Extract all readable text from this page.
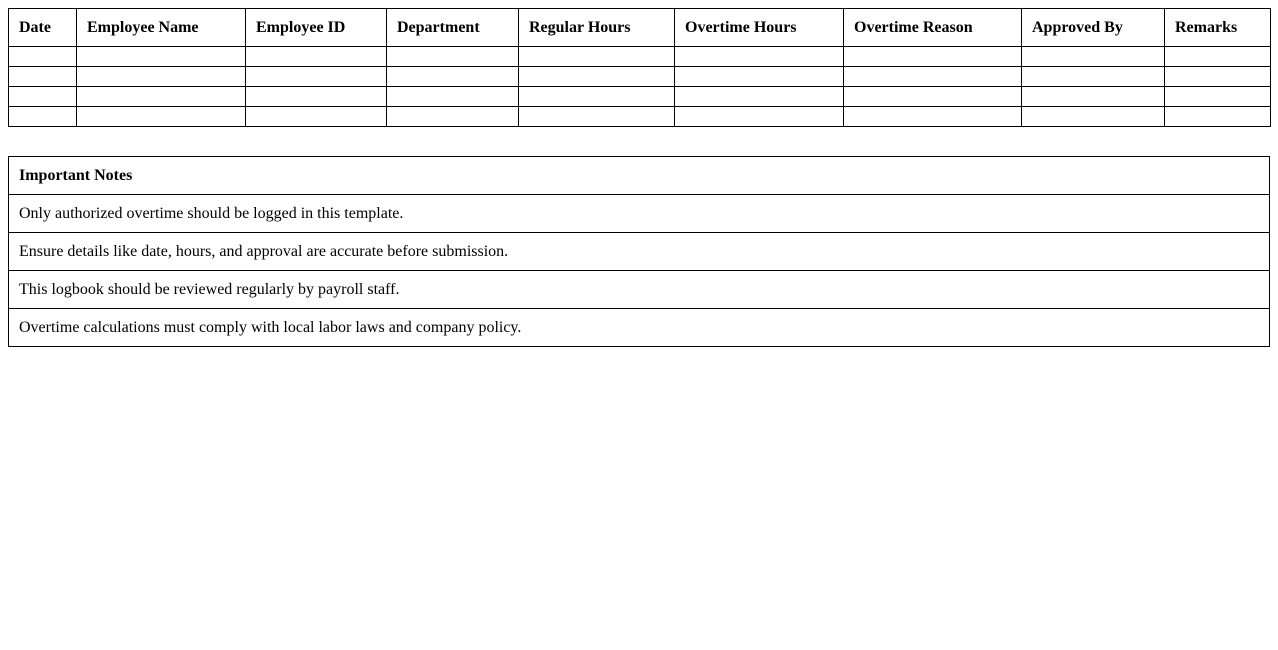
Date	Employee Name	Employee ID	Department	Regular Hours	Overtime Hours	Overtime Reason	Approved By	Remarks

Important Notes
Only authorized overtime should be logged in this template.
Ensure details like date, hours, and approval are accurate before submission.
This logbook should be reviewed regularly by payroll staff.
Overtime calculations must comply with local labor laws and company policy.
